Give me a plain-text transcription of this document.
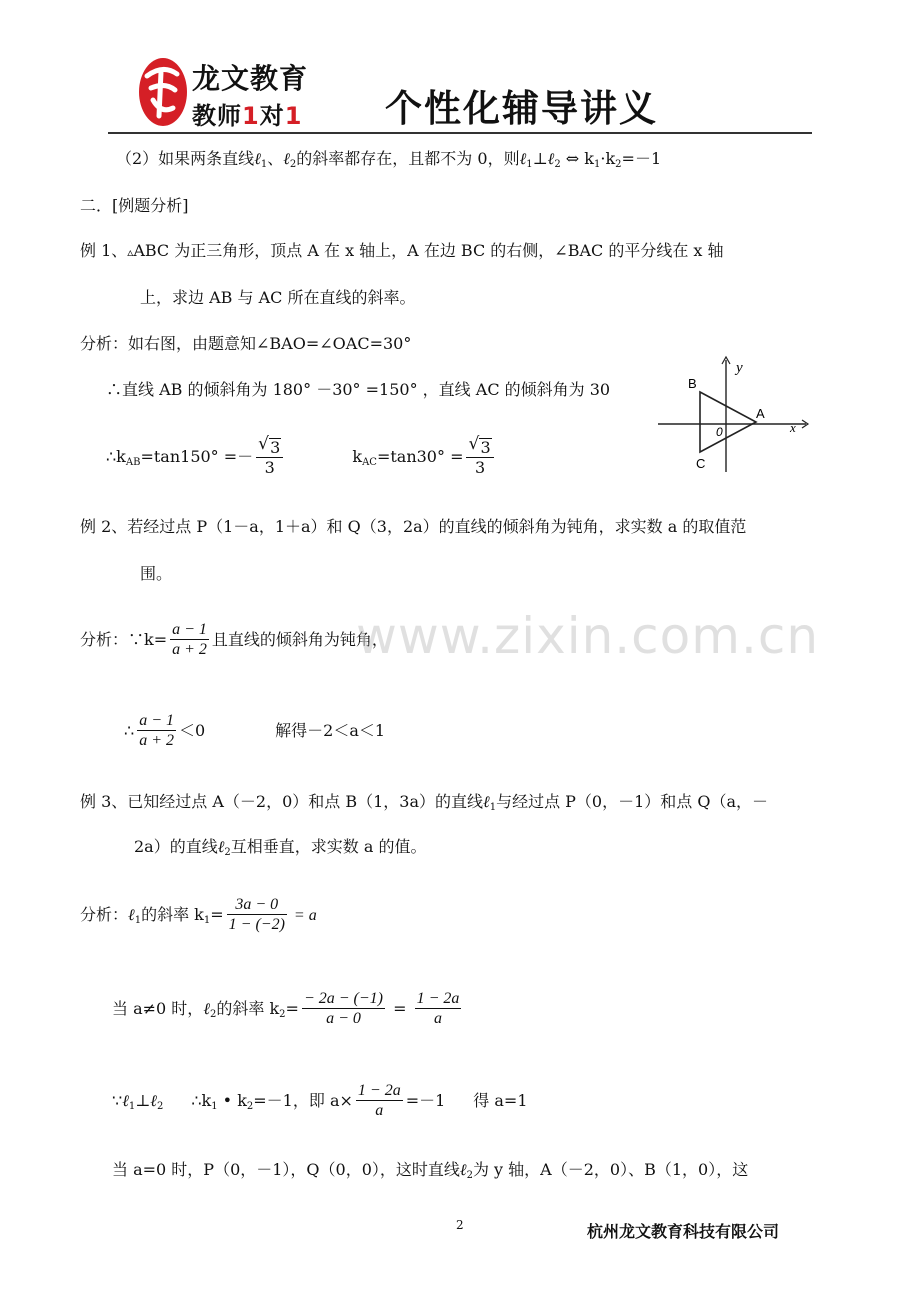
龙文教育
教师1对1 个性化辅导讲义
（2）如果两条直线ℓ$_1$、ℓ$_2$的斜率都存在，且都不为 0，则ℓ$_1$⊥ℓ$_2$ ⇔ $k_1\cdot k_2=-1$
二．[例题分析]
例 1、▵ABC 为正三角形，顶点 A 在 x 轴上，A 在边 BC 的右侧，∠BAC 的平分线在 x 轴
上，求边 AB 与 AC 所在直线的斜率。
分析：如右图，由题意知∠BAO=∠OAC=30°
∴直线 AB 的倾斜角为 180° －30° =150° ，直线 AC 的倾斜角为 30
$\therefore k_{AB}=\tan 150^\circ =- \frac{√ 3}{3}$	$k_{AC}=\tan 30^\circ = \frac{√ 3}{3}$
y
B
A
0	x
C
例 2、若经过点 P（1－a，1＋a）和 Q（3，2a）的直线的倾斜角为钝角，求实数 a 的取值范
围。
分析：∵k= $\frac{a - 1}{a + 2}$ 且直线的倾斜角为钝角，
∴ $\frac{a - 1}{a + 2} <0$	解得－2＜a＜1
例 3、已知经过点 A（－2，0）和点 B（1，3a）的直线ℓ$_1$与经过点 P（0，－1）和点 Q（a，－
2a）的直线ℓ$_2$互相垂直，求实数 a 的值。
分析：ℓ$_1$的斜率 $k_1= \frac{3a - 0}{1 - (-2)} = a$
当 a≠0 时，ℓ$_2$的斜率 $k_2= \frac{- 2a - (-1)}{a - 0} = \frac{1 - 2a}{a}$
∵ℓ$_1$⊥ℓ$_2$ $\therefore k_1$ • $k_2=-1$，即 $a\times \frac{1 - 2a}{a} =-1$ 得 a=1
当 a=0 时，P（0，－1），Q（0，0），这时直线ℓ$_2$为 y 轴，A（－2，0）、B（1，0），这
www.zixin.com.cn
2	杭州龙文教育科技有限公司
